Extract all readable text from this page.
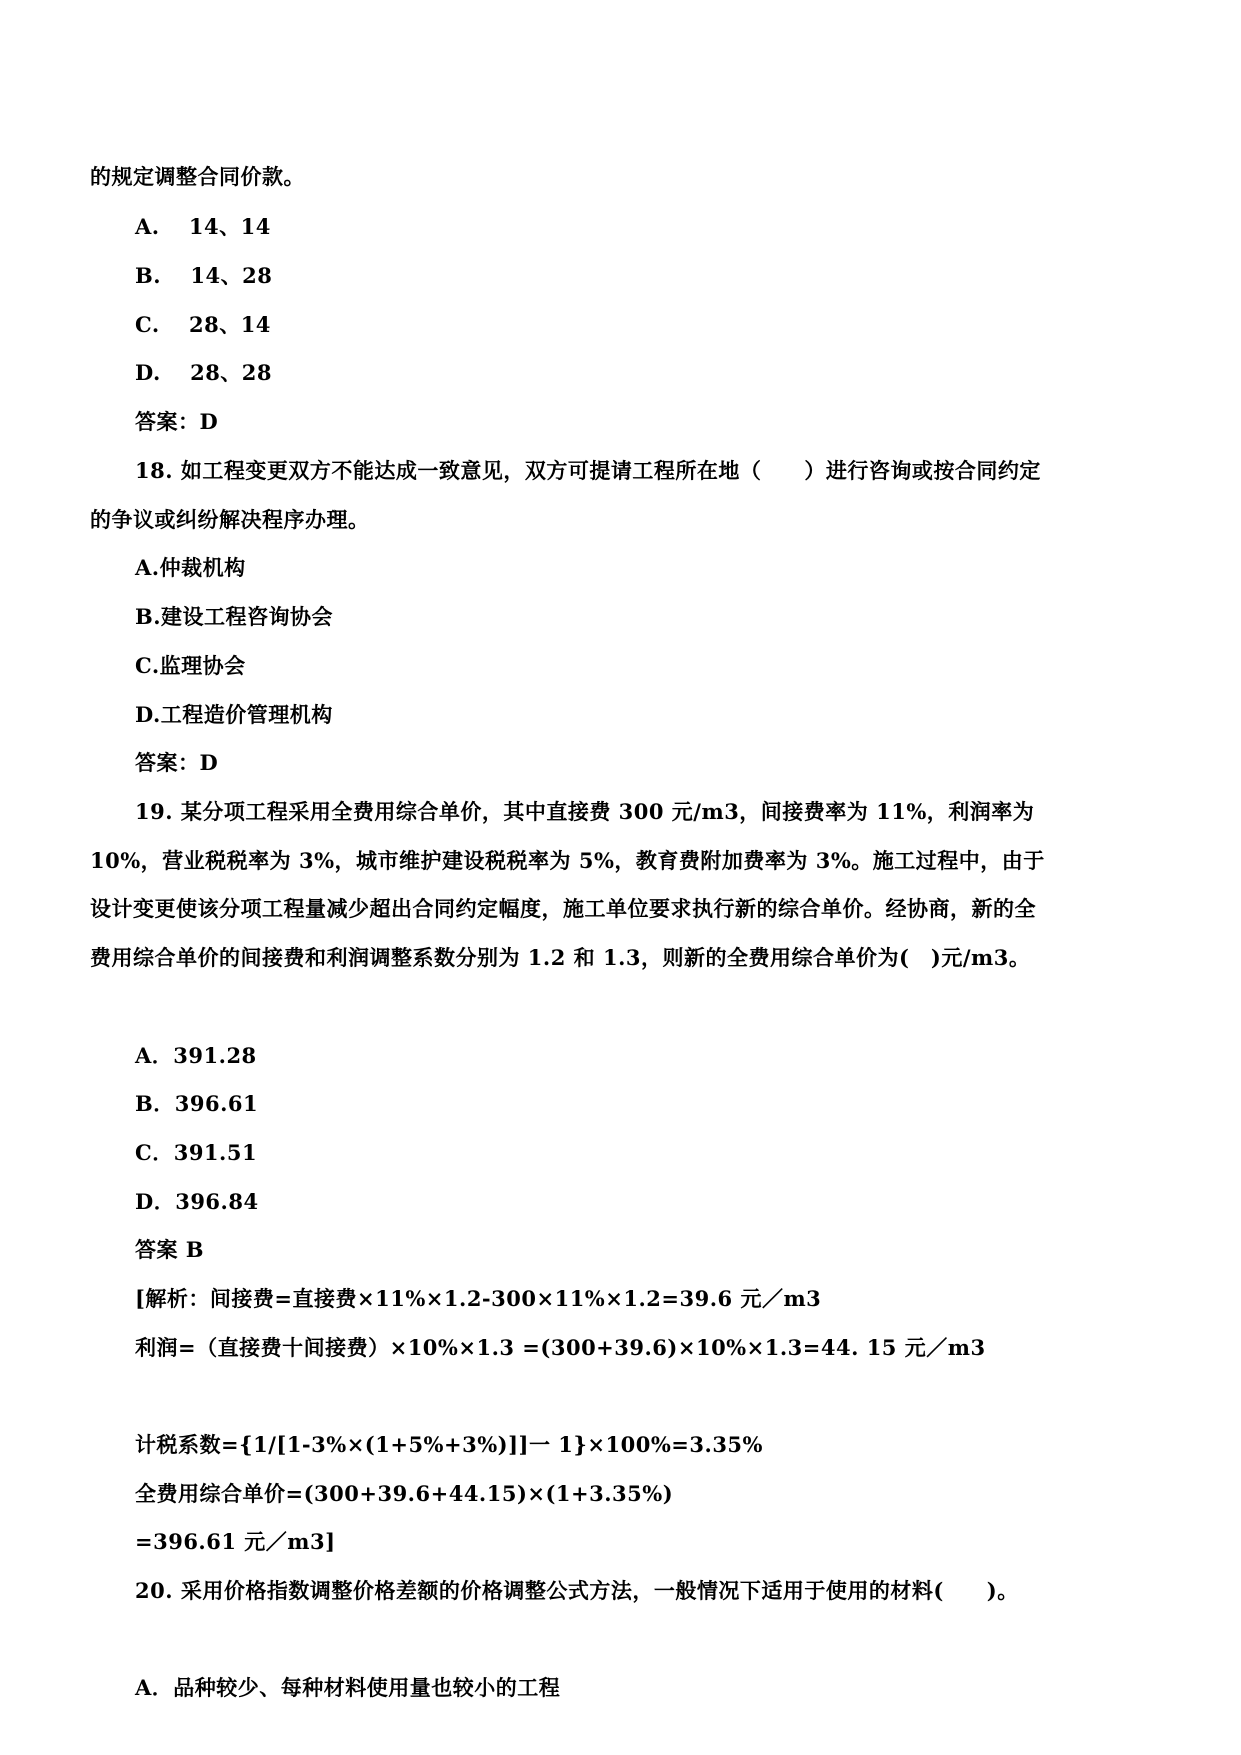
的规定调整合同价款。
A.　 14、14
B.　 14、28
C.　 28、14
D.　 28、28
答案：D
18. 如工程变更双方不能达成一致意见，双方可提请工程所在地（　　）进行咨询或按合同约定
的争议或纠纷解决程序办理。
A.仲裁机构
B.建设工程咨询协会
C.监理协会
D.工程造价管理机构
答案：D
19. 某分项工程采用全费用综合单价，其中直接费 300 元/m3，间接费率为 11%，利润率为
10%，营业税税率为 3%，城市维护建设税税率为 5%，教育费附加费率为 3%。施工过程中，由于
设计变更使该分项工程量减少超出合同约定幅度，施工单位要求执行新的综合单价。经协商，新的全
费用综合单价的间接费和利润调整系数分别为 1.2 和 1.3，则新的全费用综合单价为(　)元/m3。
A．391.28
B．396.61
C．391.51
D．396.84
答案 B
[解析：间接费=直接费×11%×1.2-300×11%×1.2=39.6 元／m3
利润=（直接费十间接费）×10%×1.3 =(300+39.6)×10%×1.3=44. 15 元／m3
计税系数={1/[1-3%×(1+5%+3%)]]一 1}×100%=3.35%
全费用综合单价=(300+39.6+44.15)×(1+3.35%)
=396.61 元／m3]
20. 采用价格指数调整价格差额的价格调整公式方法，一般情况下适用于使用的材料(　　)。
A．品种较少、每种材料使用量也较小的工程
